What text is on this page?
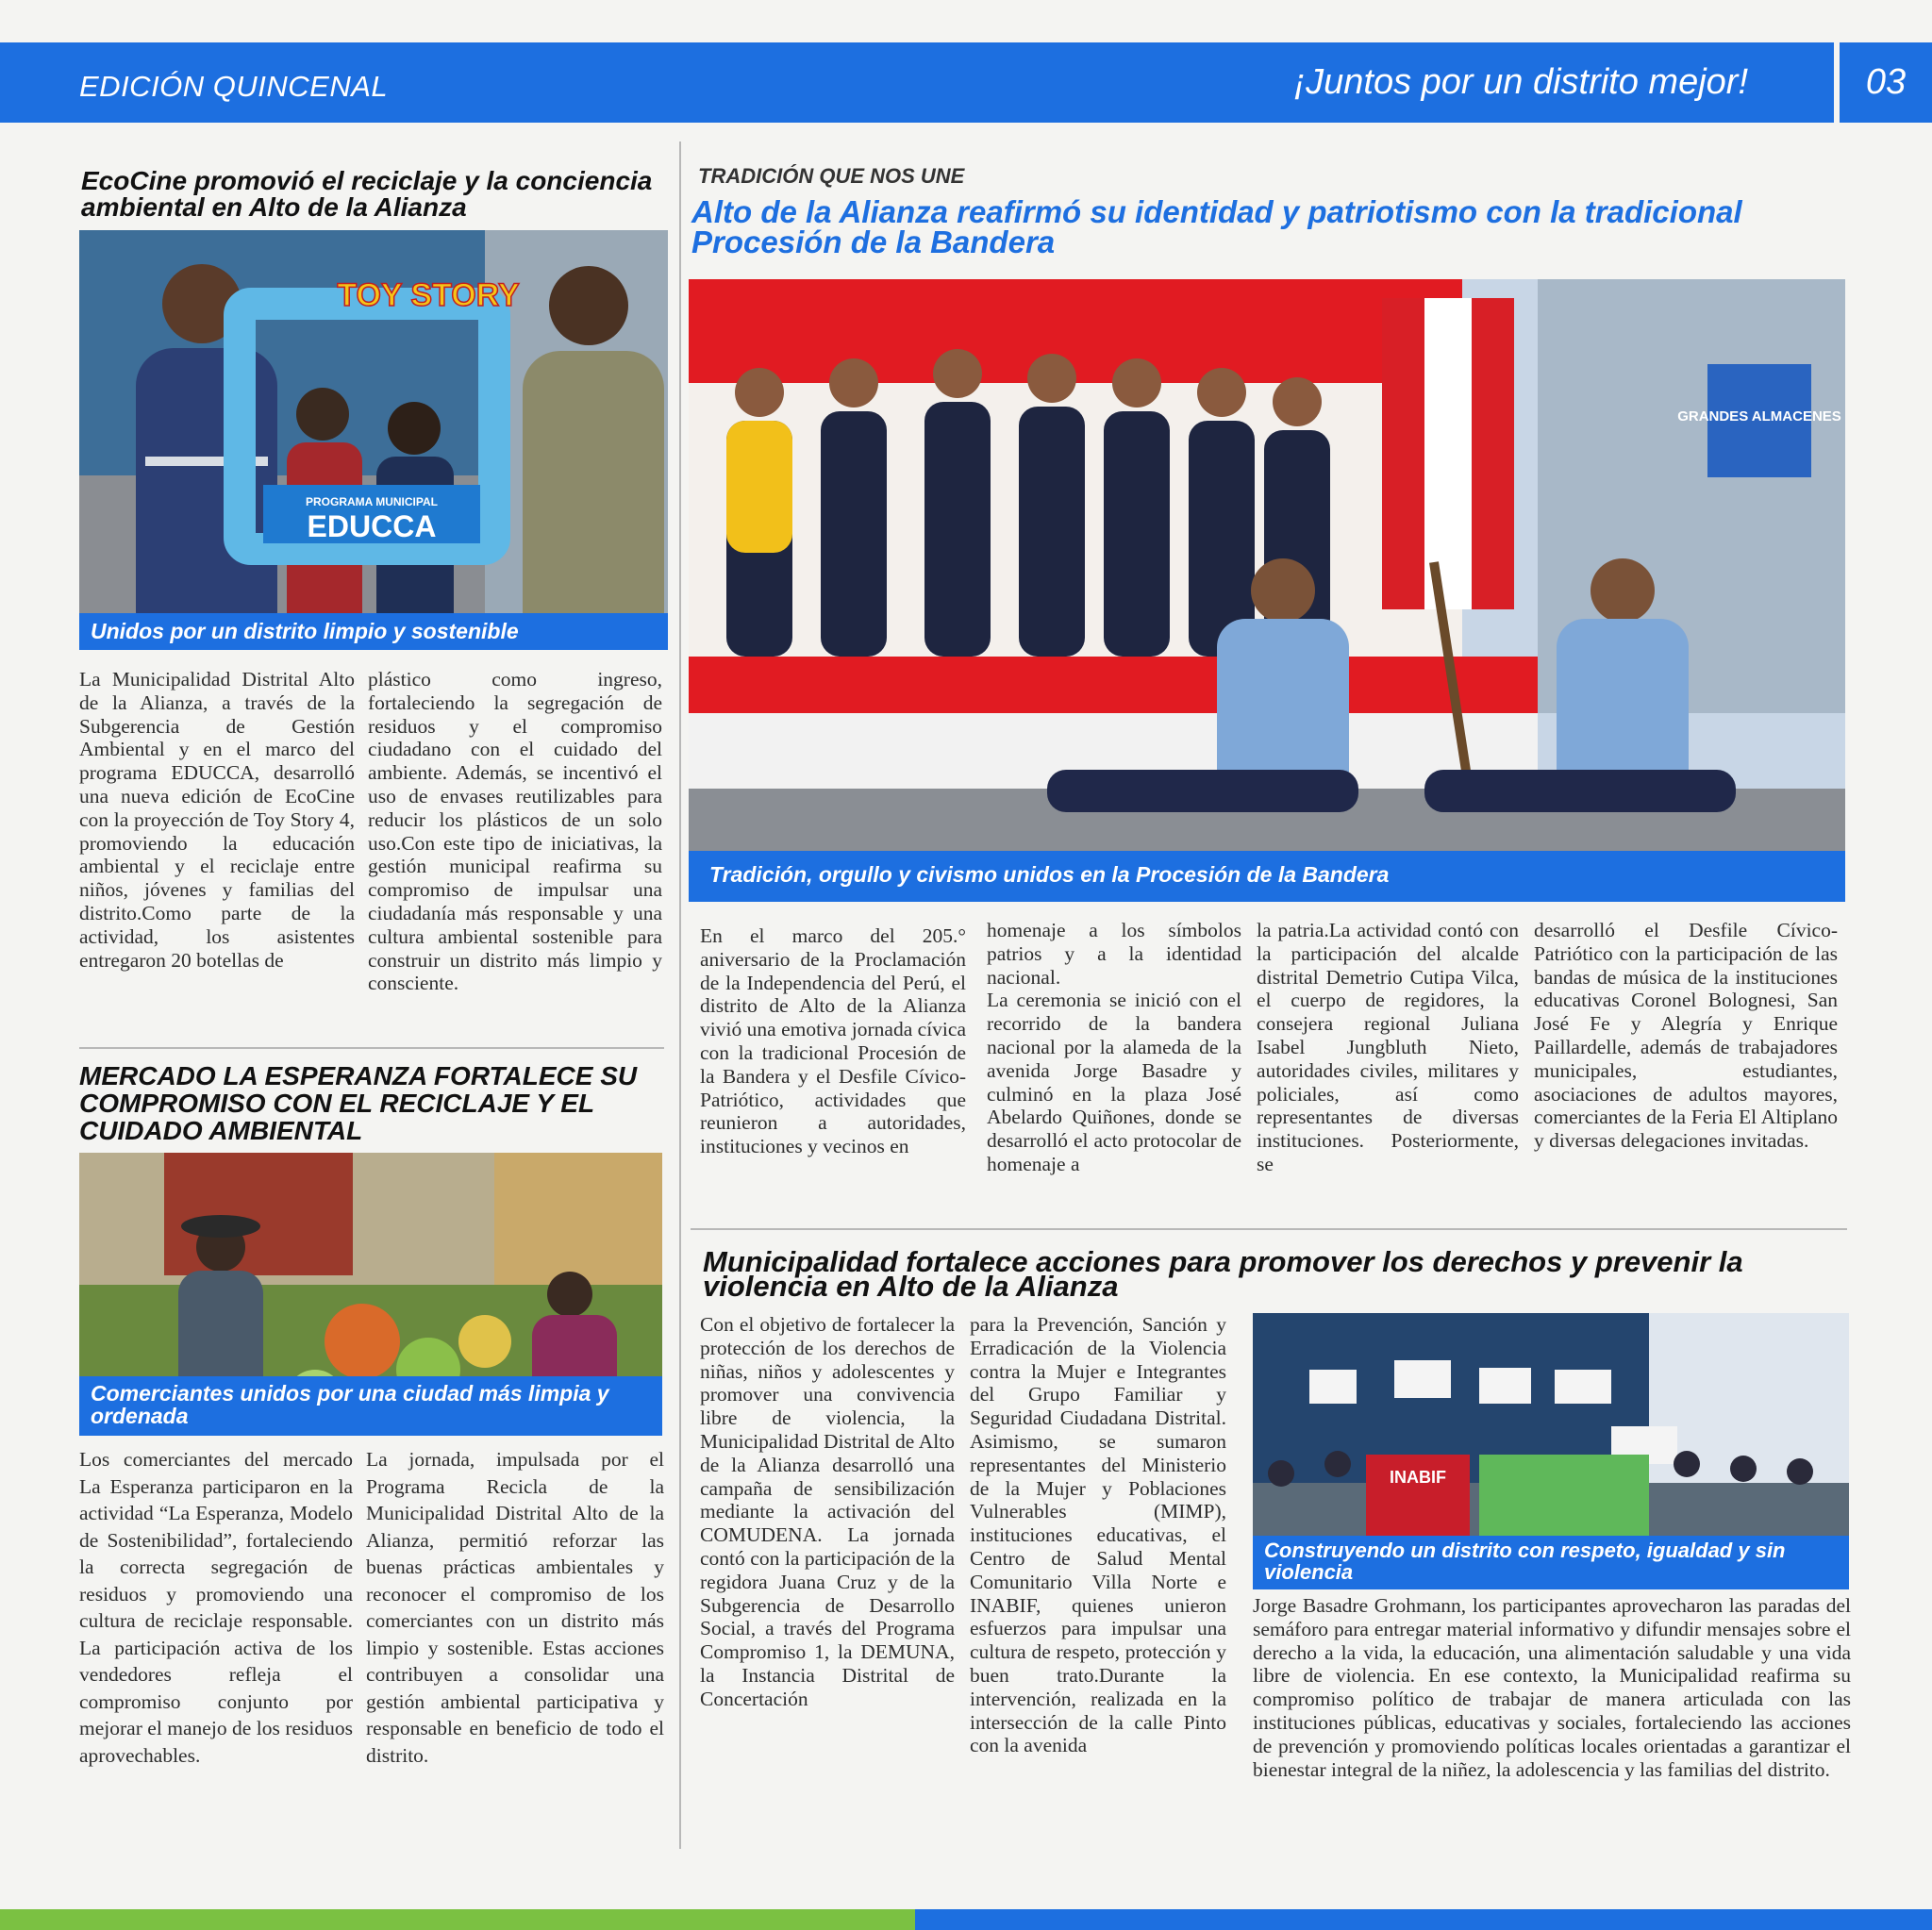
EDICIÓN QUINCENAL	¡Juntos por un distrito mejor!	03
EcoCine promovió el reciclaje y la conciencia ambiental en Alto de la Alianza
TOY STORY
PROGRAMA MUNICIPAL
EDUCCA
Unidos por un distrito limpio y sostenible
La Municipalidad Distrital Alto de la Alianza, a través de la Subgerencia de Gestión Ambiental y en el marco del programa EDUCCA, desarrolló una nueva edición de EcoCine con la proyección de Toy Story 4, promoviendo la educación ambiental y el reciclaje entre niños, jóvenes y familias del distrito.Como parte de la actividad, los asistentes entregaron 20 botellas de
plástico como ingreso, fortaleciendo la segregación de residuos y el compromiso ciudadano con el cuidado del ambiente. Además, se incentivó el uso de envases reutilizables para reducir los plásticos de un solo uso.Con este tipo de iniciativas, la gestión municipal reafirma su compromiso de impulsar una ciudadanía más responsable y una cultura ambiental sostenible para construir un distrito más limpio y consciente.
MERCADO LA ESPERANZA FORTALECE SU COMPROMISO CON EL RECICLAJE Y EL CUIDADO AMBIENTAL
Comerciantes unidos por una ciudad más limpia y ordenada
Los comerciantes del mercado La Esperanza participaron en la actividad “La Esperanza, Modelo de Sostenibilidad”, fortaleciendo la correcta segregación de residuos y promoviendo una cultura de reciclaje responsable. La participación activa de los vendedores refleja el compromiso conjunto por mejorar el manejo de los residuos aprovechables.
La jornada, impulsada por el Programa Recicla de la Municipalidad Distrital Alto de la Alianza, permitió reforzar las buenas prácticas ambientales y reconocer el compromiso de los comerciantes con un distrito más limpio y sostenible. Estas acciones contribuyen a consolidar una gestión ambiental participativa y responsable en beneficio de todo el distrito.
TRADICIÓN QUE NOS UNE
Alto de la Alianza reafirmó su identidad y patriotismo con la tradicional Procesión de la Bandera
GRANDES ALMACENES
Tradición, orgullo y civismo unidos en la Procesión de la Bandera
En el marco del 205.° aniversario de la Proclamación de la Independencia del Perú, el distrito de Alto de la Alianza vivió una emotiva jornada cívica con la tradicional Procesión de la Bandera y el Desfile Cívico-Patriótico, actividades que reunieron a autoridades, instituciones y vecinos en
homenaje a los símbolos patrios y a la identidad nacional.
La ceremonia se inició con el recorrido de la bandera nacional por la alameda de la avenida Jorge Basadre y culminó en la plaza José Abelardo Quiñones, donde se desarrolló el acto protocolar de homenaje a
la patria.La actividad contó con la participación del alcalde distrital Demetrio Cutipa Vilca, el cuerpo de regidores, la consejera regional Juliana Isabel Jungbluth Nieto, autoridades civiles, militares y policiales, así como representantes de diversas instituciones. Posteriormente, se
desarrolló el Desfile Cívico-Patriótico con la participación de las bandas de música de la instituciones educativas Coronel Bolognesi, San José Fe y Alegría y Enrique Paillardelle, además de trabajadores municipales, estudiantes, asociaciones de adultos mayores, comerciantes de la Feria El Altiplano y diversas delegaciones invitadas.
Municipalidad fortalece acciones para promover los derechos y prevenir la violencia en Alto de la Alianza
Con el objetivo de fortalecer la protección de los derechos de niñas, niños y adolescentes y promover una convivencia libre de violencia, la Municipalidad Distrital de Alto de la Alianza desarrolló una campaña de sensibilización mediante la activación del COMUDENA. La jornada contó con la participación de la regidora Juana Cruz y de la Subgerencia de Desarrollo Social, a través del Programa Compromiso 1, la DEMUNA, la Instancia Distrital de Concertación
para la Prevención, Sanción y Erradicación de la Violencia contra la Mujer e Integrantes del Grupo Familiar y Seguridad Ciudadana Distrital. Asimismo, se sumaron representantes del Ministerio de la Mujer y Poblaciones Vulnerables (MIMP), instituciones educativas, el Centro de Salud Mental Comunitario Villa Norte e INABIF, quienes unieron esfuerzos para impulsar una cultura de respeto, protección y buen trato.Durante la intervención, realizada en la intersección de la calle Pinto con la avenida
INABIF
Construyendo un distrito con respeto, igualdad y sin violencia
Jorge Basadre Grohmann, los participantes aprovecharon las paradas del semáforo para entregar material informativo y difundir mensajes sobre el derecho a la vida, la educación, una alimentación saludable y una vida libre de violencia. En ese contexto, la Municipalidad reafirma su compromiso político de trabajar de manera articulada con las instituciones públicas, educativas y sociales, fortaleciendo las acciones de prevención y promoviendo políticas locales orientadas a garantizar el bienestar integral de la niñez, la adolescencia y las familias del distrito.
